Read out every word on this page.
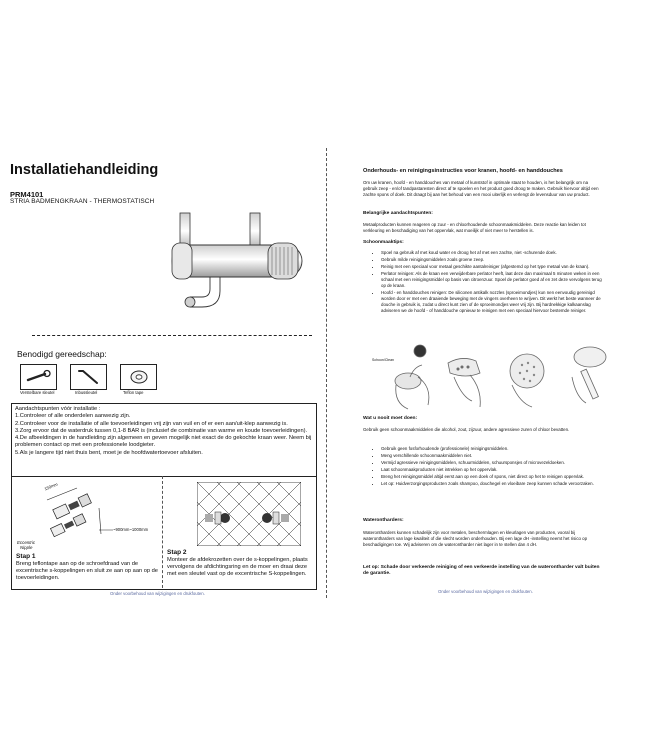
Installatiehandleiding
PRM4101
STRIA BADMENGKRAAN - THERMOSTATISCH
Benodigd gereedschap:
Verstelbare sleutel	Inbussleutel	Teflon tape
Aandachtspunten vóór installatie :
1.Controleer of alle onderdelen aanwezig zijn.
2.Controleer voor de installatie of alle toevoerleidingen vrij zijn van vuil en of er een aan/uit-klep aanwezig is.
3.Zorg ervoor dat de waterdruk tussen 0,1-8 BAR is (inclusief de combinatie van warme en koude toevoerleidingen).
4.De afbeeldingen in de handleiding zijn algemeen en geven mogelijk niet exact de do gekochte kraan weer. Neem bij problemen contact op met een professionele loodgieter.
5.Als je langere tijd niet thuis bent, moet je de hoofdwatertoevoer afsluiten.
150mm
~900mm~1000mm
Eccentric
Nipple
Stap 1
Breng teflontape aan op de schroefdraad van de excentrische s-koppelingen en sluit ze aan op aan op de toevoerleidingen.
Stap 2
Monteer de afdekrozetten over de s-koppelingen, plaats vervolgens de afdichtingsring en de moer en draai deze met een sleutel vast op de excentrische S-koppelingen.
Onder voorbehoud van wijzigingen en drukfouten.
Onderhouds- en reinigingsinstructies voor kranen, hoofd- en handdouches
Om uw kranen, hoofd - en handdouches van metaal of kunststof in optimale staat te houden, is het belangrijk om na gebruik zeep - en/of tandpastaresten direct af te spoelen en het product goed droog te maken. Gebruik hiervoor altijd een zachte spons of doek. Dit draagt bij aan het behoud van een mooi uiterlijk en verlengt de levensduur van uw product.
Belangrijke aandachtspunten:
Metaalproducten kunnen reageren op zuur - en chloorhoudende schoonmaakmiddelen. Deze reactie kan leiden tot verkleuring en beschadiging van het oppervlak, wat moeilijk of niet meer te herstellen is.
Schoonmaaktips:
• Spoel na gebruik af met koud water en droog het af met een zachte, niet -schurende doek.
• Gebruik milde reinigingsmiddelen zoals groene zeep.
• Reinig met een speciaal voor metaal geschikte aantalreiniger (afgestemd op het type metaal van de kraan).
• Perlator reinigen: Als de kraan een verwijderbare perlator heeft, laat deze dan maximaal 5 minuten weken in een schaal met een reinigingsmiddel op basis van citroenzuur. Spoel de perlator goed af en zet deze vervolgens terug op de kraan.
• Hoofd - en handdouches reinigen: De siliconen antikalk nozzles (sproeimondjes) kun nen eenvoudig gereinigd worden door er met een draaiende beweging met de vingers overheen te wrijven. Dit werkt het beste wanneer de douche in gebruik is, zodat u direct kunt zien of de sproeimondjes weer vrij zijn. Bij hardnekkige kalkaanslag adviseren we de hoofd - of handdouche opnieuw te reinigen met een speciaal hiervoor bestemde reiniger.
Schoon/Clean
Wat u nooit moet doen:
Gebruik geen schoonmaakmiddelen die alcohol, zout, zijzuur, andere agressieve zuren of chloor bevatten.
• Gebruik geen fosforhoudende (professionele) reinigingsmiddelen.
• Meng verschillende schoonmaakmiddelen niet.
• Vermijd agressieve reinigingsmiddelen, schuurmiddelen, schuursponsjes of microvezeldoeken.
• Laat schoonmaakproducten niet intrekken op het oppervlak.
• Breng het reinigingsmiddel altijd eerst aan op een doek of spons, niet direct op het te reinigen oppervlak.
• Let op: Huidverzorgingsproducten zoals shampoo, douchegel en vloeibare zeep kunnen schade veroorzaken.
Waterontharders:
Waterontharders kunnen schadelijk zijn voor metalen, beschermlagen en kleurlagen van producten, vooral bij waterontharders van lage kwaliteit of die slecht worden onderhouden. Bij een lage dH -instelling neemt het risico op beschadigingen toe. Wij adviseren om de waterontharder niet lager in te stellen dan 4 dH.
Let op: Schade door verkeerde reiniging of een verkeerde instelling van de waterontharder valt buiten de garantie.
Onder voorbehoud van wijzigingen en drukfouten.
